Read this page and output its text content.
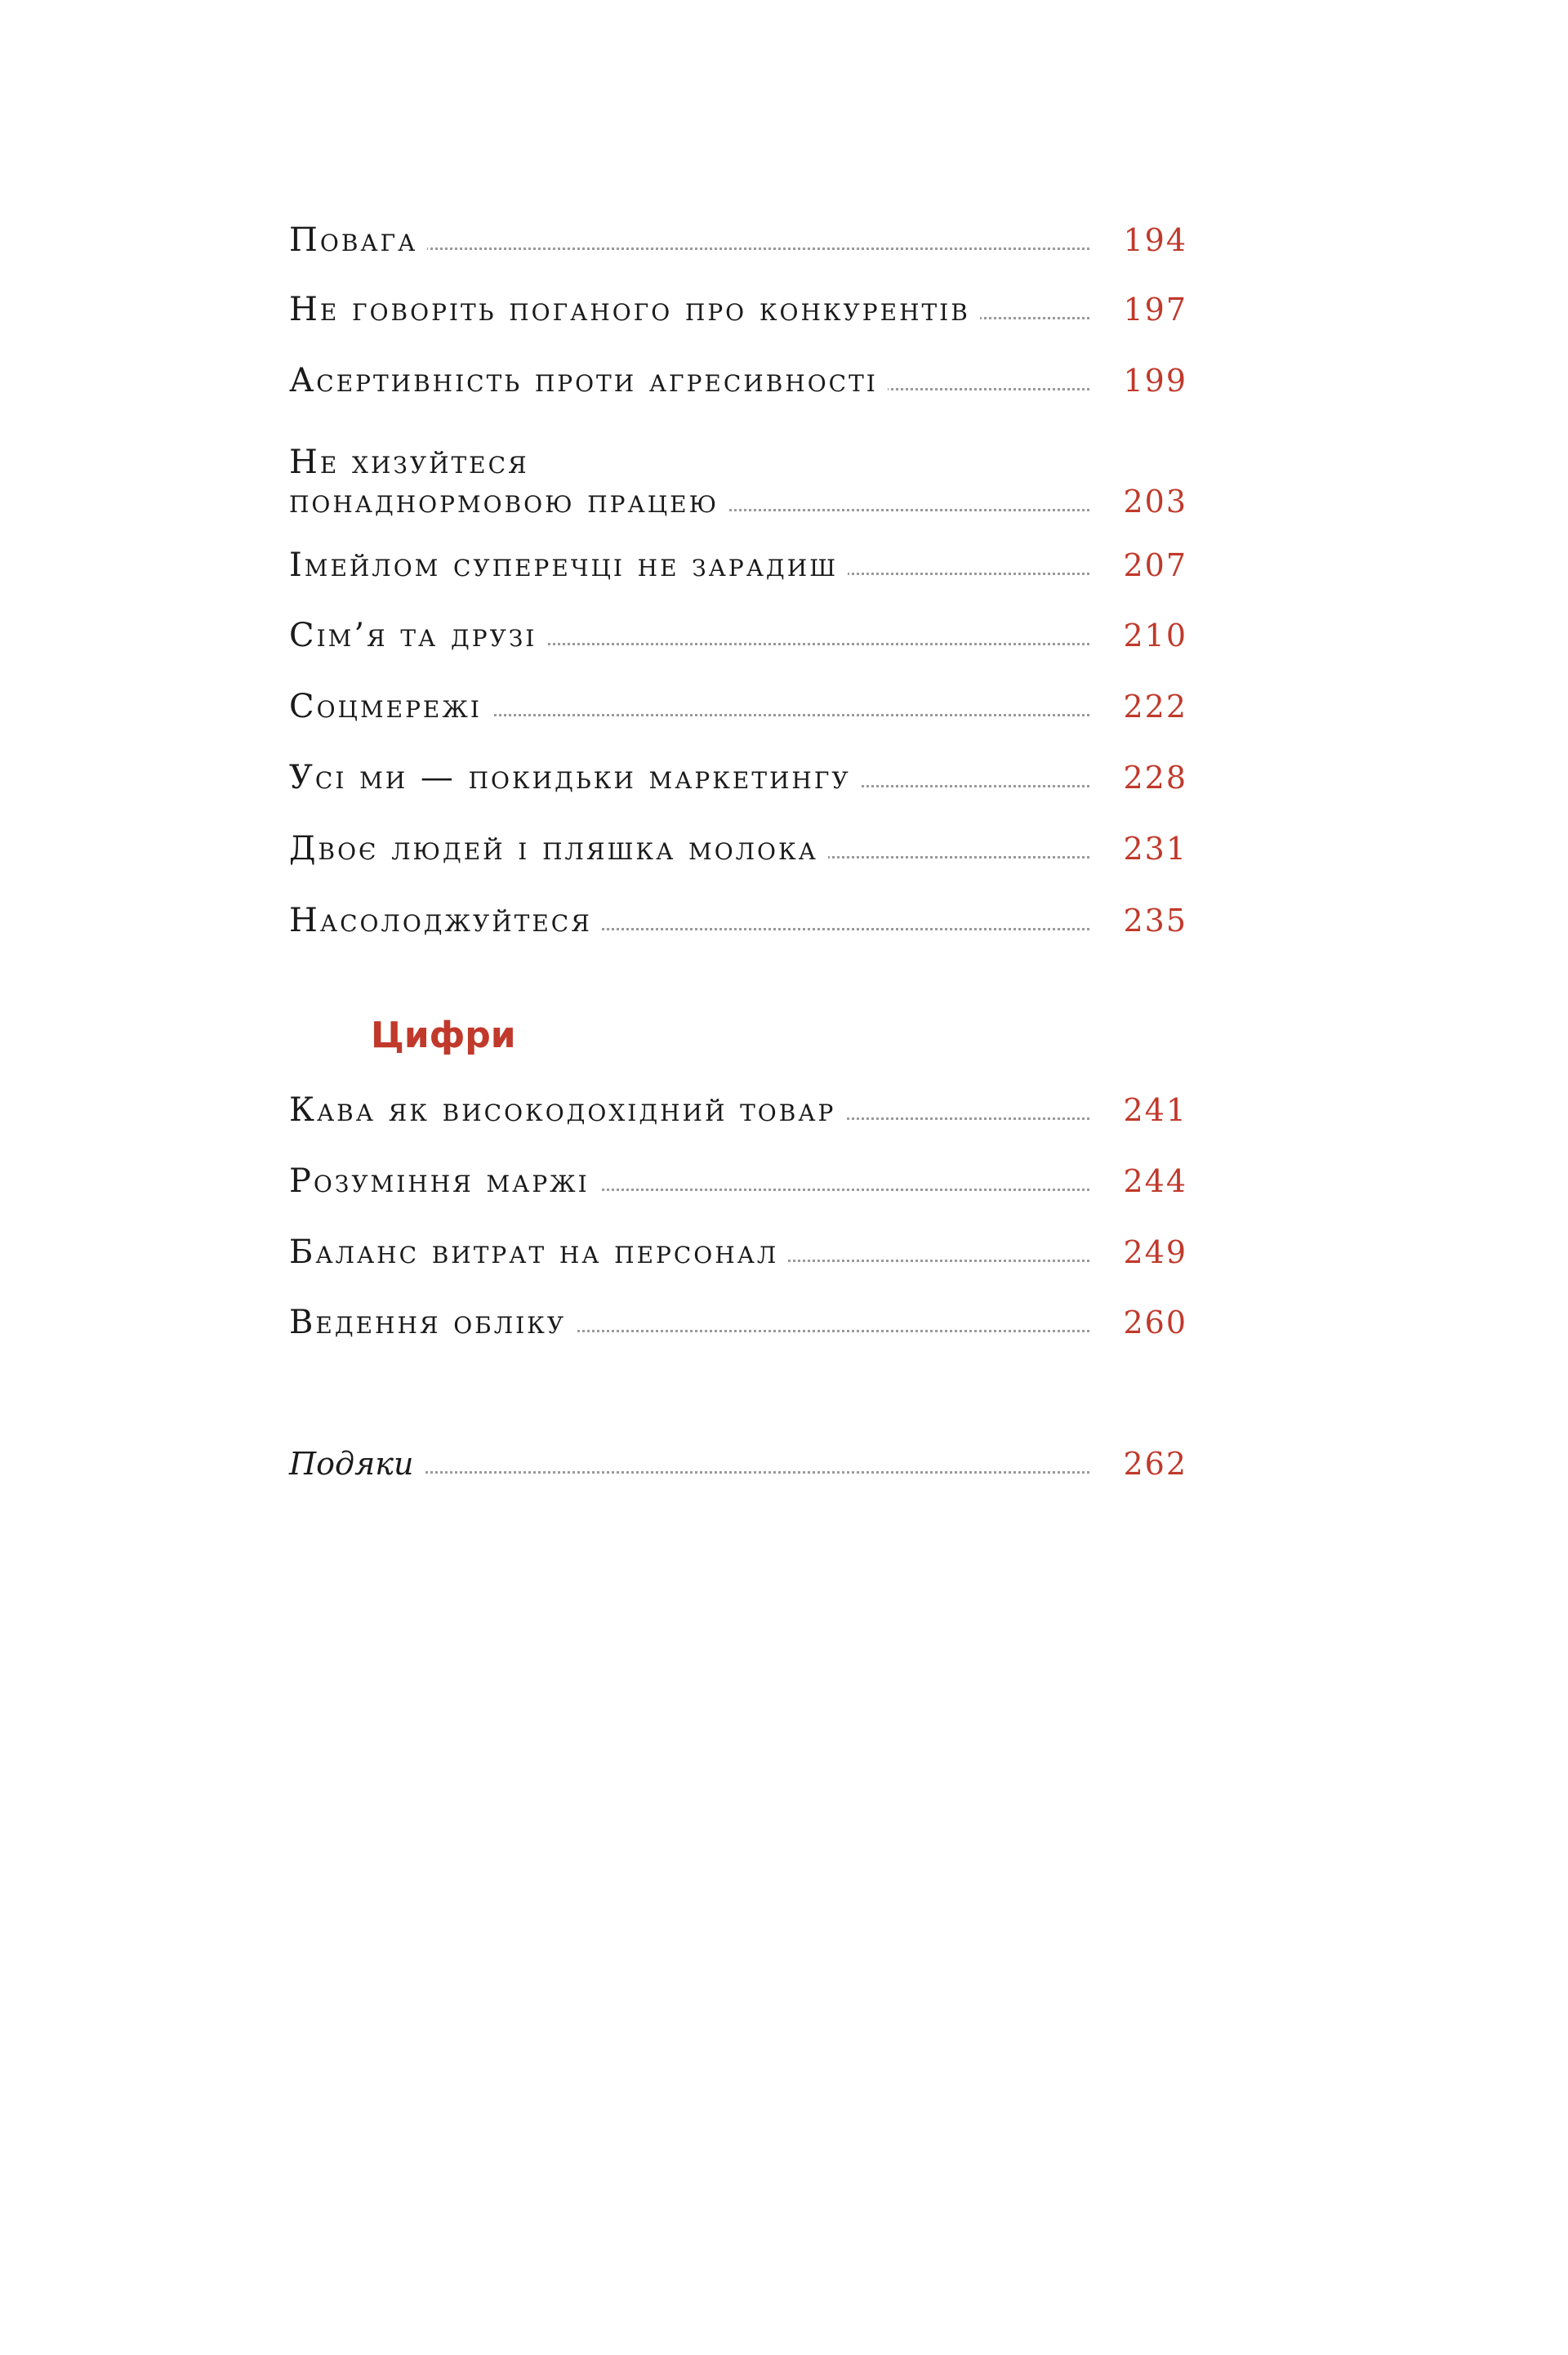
Повага	194
Не говоріть поганого про конкурентів	197
Асертивність проти агресивності	199
Не хизуйтеся
понаднормовою працею	203
Імейлом суперечці не зарадиш	207
Сім’я та друзі	210
Соцмережі	222
Усі ми — покидьки маркетингу	228
Двоє людей і пляшка молока	231
Насолоджуйтеся	235
Кава як високодохідний товар	241
Розуміння маржі	244
Баланс витрат на персонал	249
Ведення обліку	260
Подяки	262
Цифри
